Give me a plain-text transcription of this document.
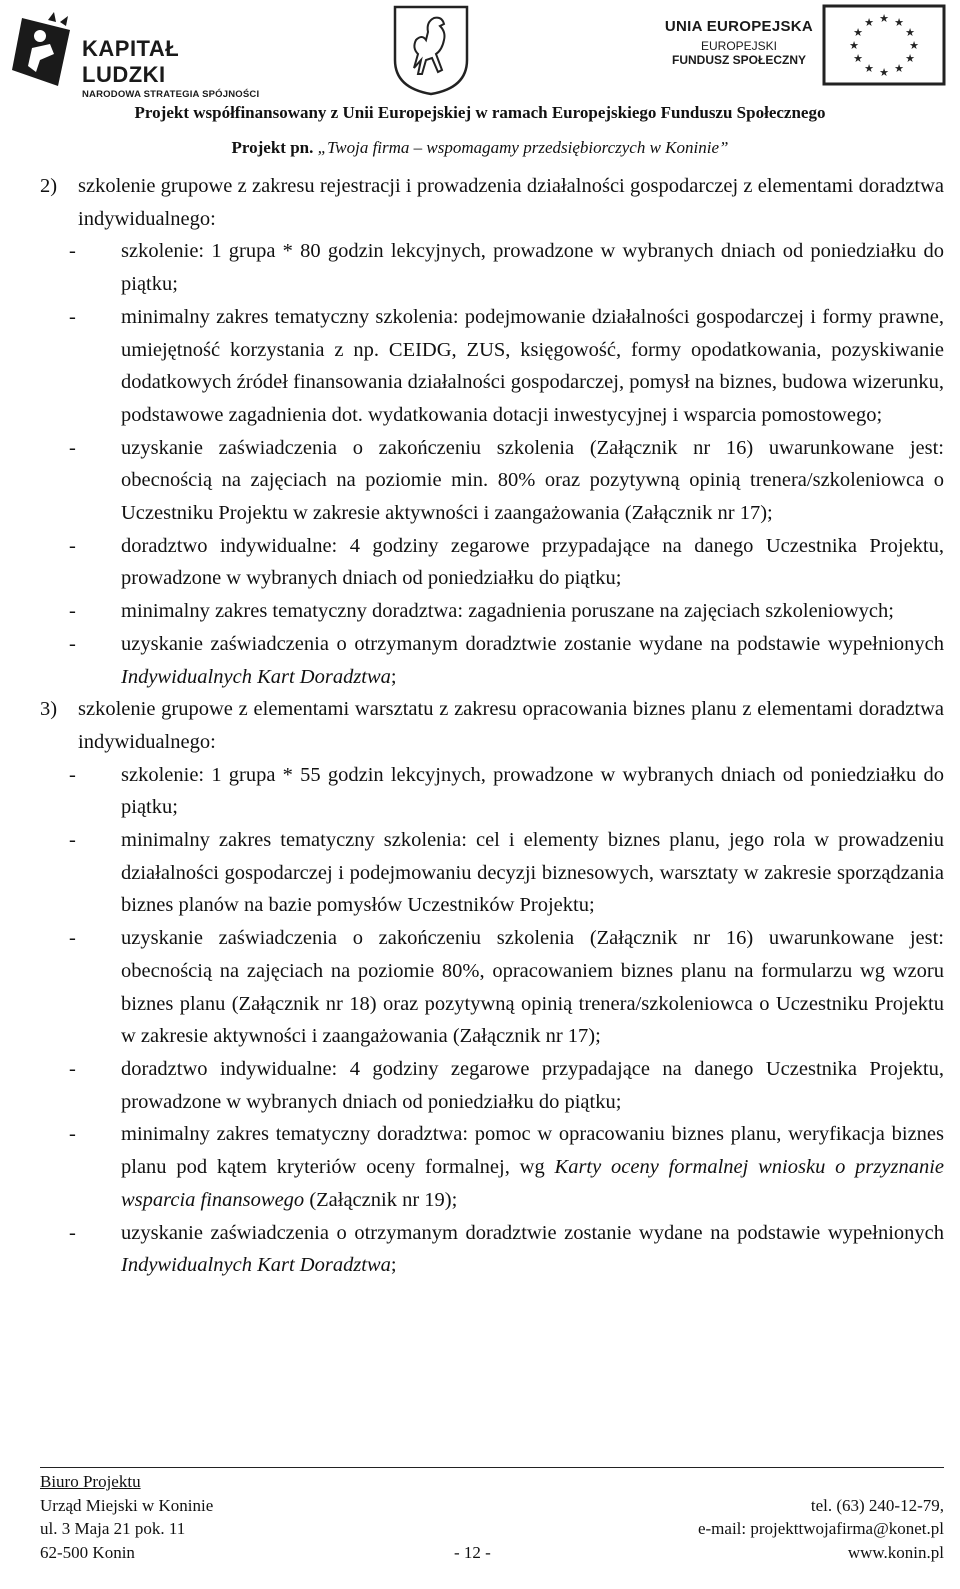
KAPITAŁ LUDZKI
NARODOWA STRATEGIA SPÓJNOŚCI
UNIA EUROPEJSKA
EUROPEJSKI
FUNDUSZ SPOŁECZNY
★ ★
★
★
★
★
★
★
★
★
★
★
Projekt współfinansowany z Unii Europejskiej w ramach Europejskiego Funduszu Społecznego
Projekt pn. „Twoja firma – wspomagamy przedsiębiorczych w Koninie”
2)	szkolenie grupowe z zakresu rejestracji i prowadzenia działalności gospodarczej z elementami doradztwa indywidualnego:
-	szkolenie: 1 grupa * 80 godzin lekcyjnych, prowadzone w wybranych dniach od poniedziałku do piątku;
-	minimalny zakres tematyczny szkolenia: podejmowanie działalności gospodarczej i formy prawne, umiejętność korzystania z np. CEIDG, ZUS, księgowość, formy opodatkowania, pozyskiwanie dodatkowych źródeł finansowania działalności gospodarczej, pomysł na biznes, budowa wizerunku, podstawowe zagadnienia dot. wydatkowania dotacji inwestycyjnej i wsparcia pomostowego;
-	uzyskanie zaświadczenia o zakończeniu szkolenia (Załącznik nr 16) uwarunkowane jest: obecnością na zajęciach na poziomie min. 80% oraz pozytywną opinią trenera/szkoleniowca o Uczestniku Projektu w zakresie aktywności i zaangażowania (Załącznik nr 17);
-	doradztwo indywidualne: 4 godziny zegarowe przypadające na danego Uczestnika Projektu, prowadzone w wybranych dniach od poniedziałku do piątku;
-	minimalny zakres tematyczny doradztwa: zagadnienia poruszane na zajęciach szkoleniowych;
-	uzyskanie zaświadczenia o otrzymanym doradztwie zostanie wydane na podstawie wypełnionych Indywidualnych Kart Doradztwa;
3)	szkolenie grupowe z elementami warsztatu z zakresu opracowania biznes planu z elementami doradztwa indywidualnego:
-	szkolenie: 1 grupa * 55 godzin lekcyjnych, prowadzone w wybranych dniach od poniedziałku do piątku;
-	minimalny zakres tematyczny szkolenia: cel i elementy biznes planu, jego rola w prowadzeniu działalności gospodarczej i podejmowaniu decyzji biznesowych, warsztaty w zakresie sporządzania biznes planów na bazie pomysłów Uczestników Projektu;
-	uzyskanie zaświadczenia o zakończeniu szkolenia (Załącznik nr 16) uwarunkowane jest: obecnością na zajęciach na poziomie 80%, opracowaniem biznes planu na formularzu wg wzoru biznes planu (Załącznik nr 18) oraz pozytywną opinią trenera/szkoleniowca o Uczestniku Projektu w zakresie aktywności i zaangażowania (Załącznik nr 17);
-	doradztwo indywidualne: 4 godziny zegarowe przypadające na danego Uczestnika Projektu, prowadzone w wybranych dniach od poniedziałku do piątku;
-	minimalny zakres tematyczny doradztwa: pomoc w opracowaniu biznes planu, weryfikacja biznes planu pod kątem kryteriów oceny formalnej, wg Karty oceny formalnej wniosku o przyznanie wsparcia finansowego (Załącznik nr 19);
-	uzyskanie zaświadczenia o otrzymanym doradztwie zostanie wydane na podstawie wypełnionych Indywidualnych Kart Doradztwa;
Biuro Projektu
Urząd Miejski w Koninie	tel. (63) 240-12-79,
ul. 3 Maja 21 pok. 11	e-mail: projekttwojafirma@konet.pl
62-500 Konin	- 12 -	www.konin.pl
